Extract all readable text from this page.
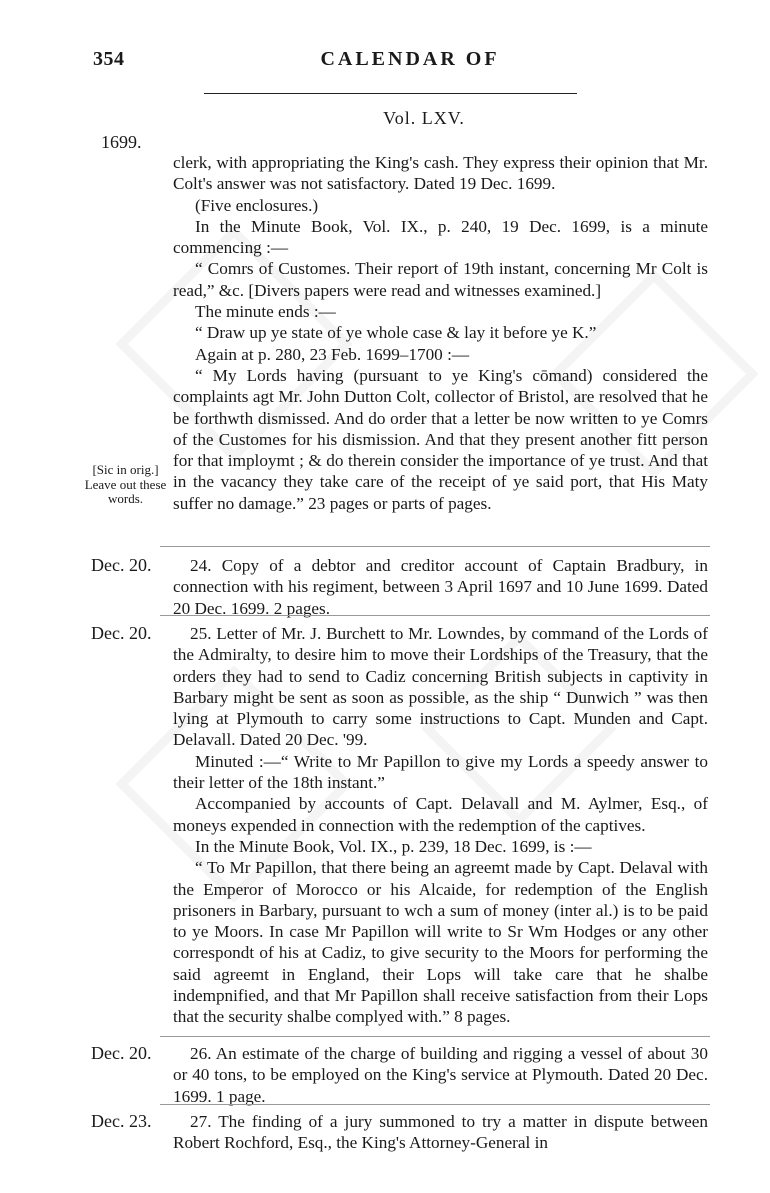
354	CALENDAR OF
Vol. LXV.
1699.

clerk, with appropriating the King's cash. They express their opinion that Mr. Colt's answer was not satisfactory. Dated 19 Dec. 1699.

(Five enclosures.)

In the Minute Book, Vol. IX., p. 240, 19 Dec. 1699, is a minute commencing :—

“ Comrs of Customes. Their report of 19th instant, concerning Mr Colt is read,” &c. [Divers papers were read and witnesses examined.]

The minute ends :—

“ Draw up ye state of ye whole case & lay it before ye K.”

Again at p. 280, 23 Feb. 1699–1700 :—

“ My Lords having (pursuant to ye King's cōmand) considered the complaints agt Mr. John Dutton Colt, collector of Bristol, are resolved that he be forthwth dismissed. And do order that a letter be now written to ye Comrs of the Customes for his dismission. And that they present another fitt person for that imploymt ; & do therein consider the importance of ye trust. And that in the vacancy they take care of the receipt of ye said port, that His Maty suffer no damage.” 23 pages or parts of pages.

[Sic in orig.] Leave out these words.
Dec. 20.	24. Copy of a debtor and creditor account of Captain Bradbury, in connection with his regiment, between 3 April 1697 and 10 June 1699. Dated 20 Dec. 1699. 2 pages.

Dec. 20.	25. Letter of Mr. J. Burchett to Mr. Lowndes, by command of the Lords of the Admiralty, to desire him to move their Lordships of the Treasury, that the orders they had to send to Cadiz concerning British subjects in captivity in Barbary might be sent as soon as possible, as the ship “ Dunwich ” was then lying at Plymouth to carry some instructions to Capt. Munden and Capt. Delavall. Dated 20 Dec. '99.

Minuted :—“ Write to Mr Papillon to give my Lords a speedy answer to their letter of the 18th instant.”

Accompanied by accounts of Capt. Delavall and M. Aylmer, Esq., of moneys expended in connection with the redemption of the captives.

In the Minute Book, Vol. IX., p. 239, 18 Dec. 1699, is :—

“ To Mr Papillon, that there being an agreemt made by Capt. Delaval with the Emperor of Morocco or his Alcaide, for redemption of the English prisoners in Barbary, pursuant to wch a sum of money (inter al.) is to be paid to ye Moors. In case Mr Papillon will write to Sr Wm Hodges or any other correspondt of his at Cadiz, to give security to the Moors for performing the said agreemt in England, their Lops will take care that he shalbe indempnified, and that Mr Papillon shall receive satisfaction from their Lops that the security shalbe complyed with.” 8 pages.

Dec. 20.	26. An estimate of the charge of building and rigging a vessel of about 30 or 40 tons, to be employed on the King's service at Plymouth. Dated 20 Dec. 1699. 1 page.

Dec. 23.	27. The finding of a jury summoned to try a matter in dispute between Robert Rochford, Esq., the King's Attorney-General in
